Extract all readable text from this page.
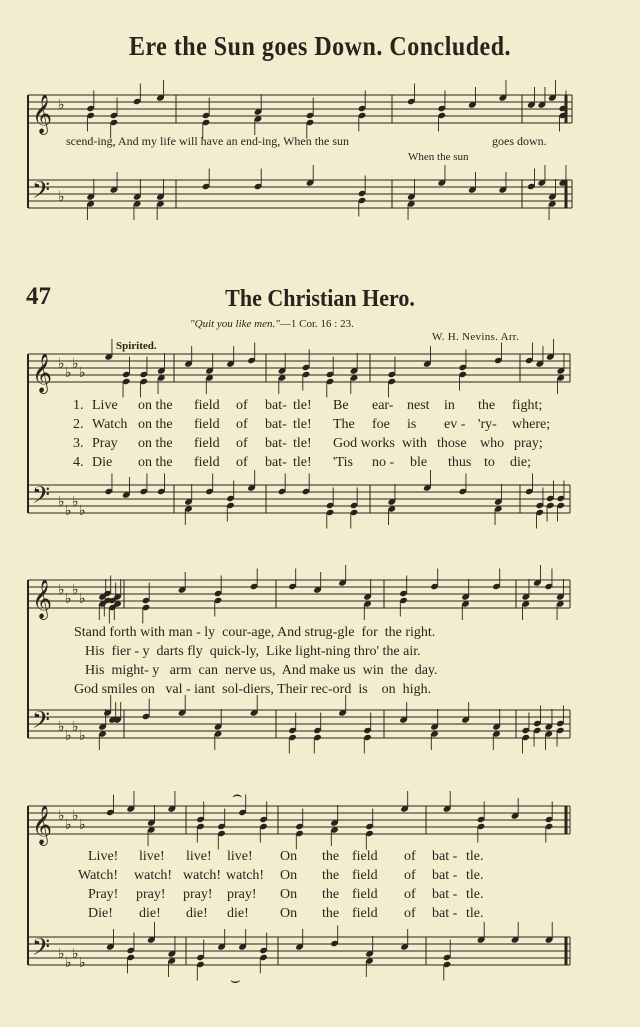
Ere the Sun goes Down. Concluded.
𝄞
𝄢
♭
♭
𝄞
𝄢
♭
♭
♭
♭
♭
♭
♭
♭
𝄞
𝄢
♭
♭
♭
♭
♭
♭
♭
♭
𝄞
𝄢
♭
♭
♭
♭
♭
♭
♭
♭
⌢
⌣
scend-ing, And my life will have an end-ing, When the sun	goes down.
When the sun
47	The Christian Hero.
"Quit you like men."—1 Cor. 16 : 23.
W. H. Nevins. Arr.
Spirited.
1. Live on the field of bat- tle! Be ear- nest in the fight;
2. Watch on the field of bat- tle! The foe is ev - 'ry- where;
3. Pray on the field of bat- tle! God works with those who pray;
4. Die on the field of bat- tle! 'Tis no - ble thus to die;
Stand forth with man - ly  cour-age, And strug-gle  for  the right.
His  fier - y  darts fly  quick-ly,  Like light-ning thro' the air.
His  might- y   arm  can  nerve us,  And make us  win  the  day.
God smiles on   val - iant  sol-diers, Their rec-ord  is    on  high.
Live! live! live! live! On the field of bat - tle.
Watch! watch! watch! watch! On the field of bat - tle.
Pray! pray! pray! pray! On the field of bat - tle.
Die! die! die! die! On the field of bat - tle.
